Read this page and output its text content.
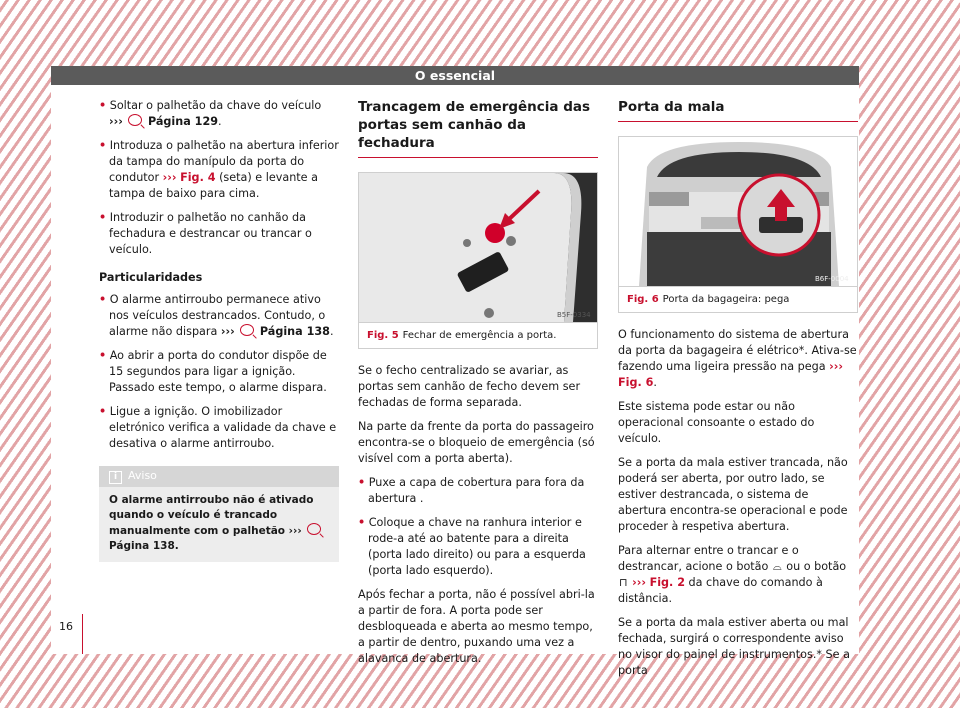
O essencial
• Soltar o palhetão da chave do veículo
››› Página 129.
• Introduza o palhetão na abertura inferior da tampa do manípulo da porta do condutor ››› Fig. 4 (seta) e levante a tampa de baixo para cima.
• Introduzir o palhetão no canhão da fechadura e destrancar ou trancar o veículo.
Particularidades
• O alarme antirroubo permanece ativo nos veículos destrancados. Contudo, o alarme não dispara ››› Página 138.
• Ao abrir a porta do condutor dispõe de 15 segundos para ligar a ignição. Passado este tempo, o alarme dispara.
• Ligue a ignição. O imobilizador eletrónico verifica a validade da chave e desativa o alarme antirroubo.
i Aviso
O alarme antirroubo não é ativado quando o veículo é trancado manualmente com o palhetão ›››  Página 138.
Trancagem de emergência das portas sem canhão da fechadura
B5F-0334
Fig. 5 Fechar de emergência a porta.
Se o fecho centralizado se avariar, as portas sem canhão de fecho devem ser fechadas de forma separada.
Na parte da frente da porta do passageiro encontra-se o bloqueio de emergência (só visível com a porta aberta).
• Puxe a capa de cobertura para fora da abertura .
• Coloque a chave na ranhura interior e rode-a até ao batente para a direita (porta lado direito) ou para a esquerda (porta lado esquerdo).
Após fechar a porta, não é possível abri-la a partir de fora. A porta pode ser desbloqueada e aberta ao mesmo tempo, a partir de dentro, puxando uma vez a alavanca de abertura.
Porta da mala
B6F-0004
Fig. 6 Porta da bagageira: pega
O funcionamento do sistema de abertura da porta da bagageira é elétrico*. Ativa-se fazendo uma ligeira pressão na pega ››› Fig. 6.
Este sistema pode estar ou não operacional consoante o estado do veículo.
Se a porta da mala estiver trancada, não poderá ser aberta, por outro lado, se estiver destrancada, o sistema de abertura encontra-se operacional e pode proceder à respetiva abertura.
Para alternar entre o trancar e o destrancar, acione o botão ⌓ ou o botão ⊓ ››› Fig. 2 da chave do comando à distância.
Se a porta da mala estiver aberta ou mal fechada, surgirá o correspondente aviso no visor do painel de instrumentos.* Se a porta
16
